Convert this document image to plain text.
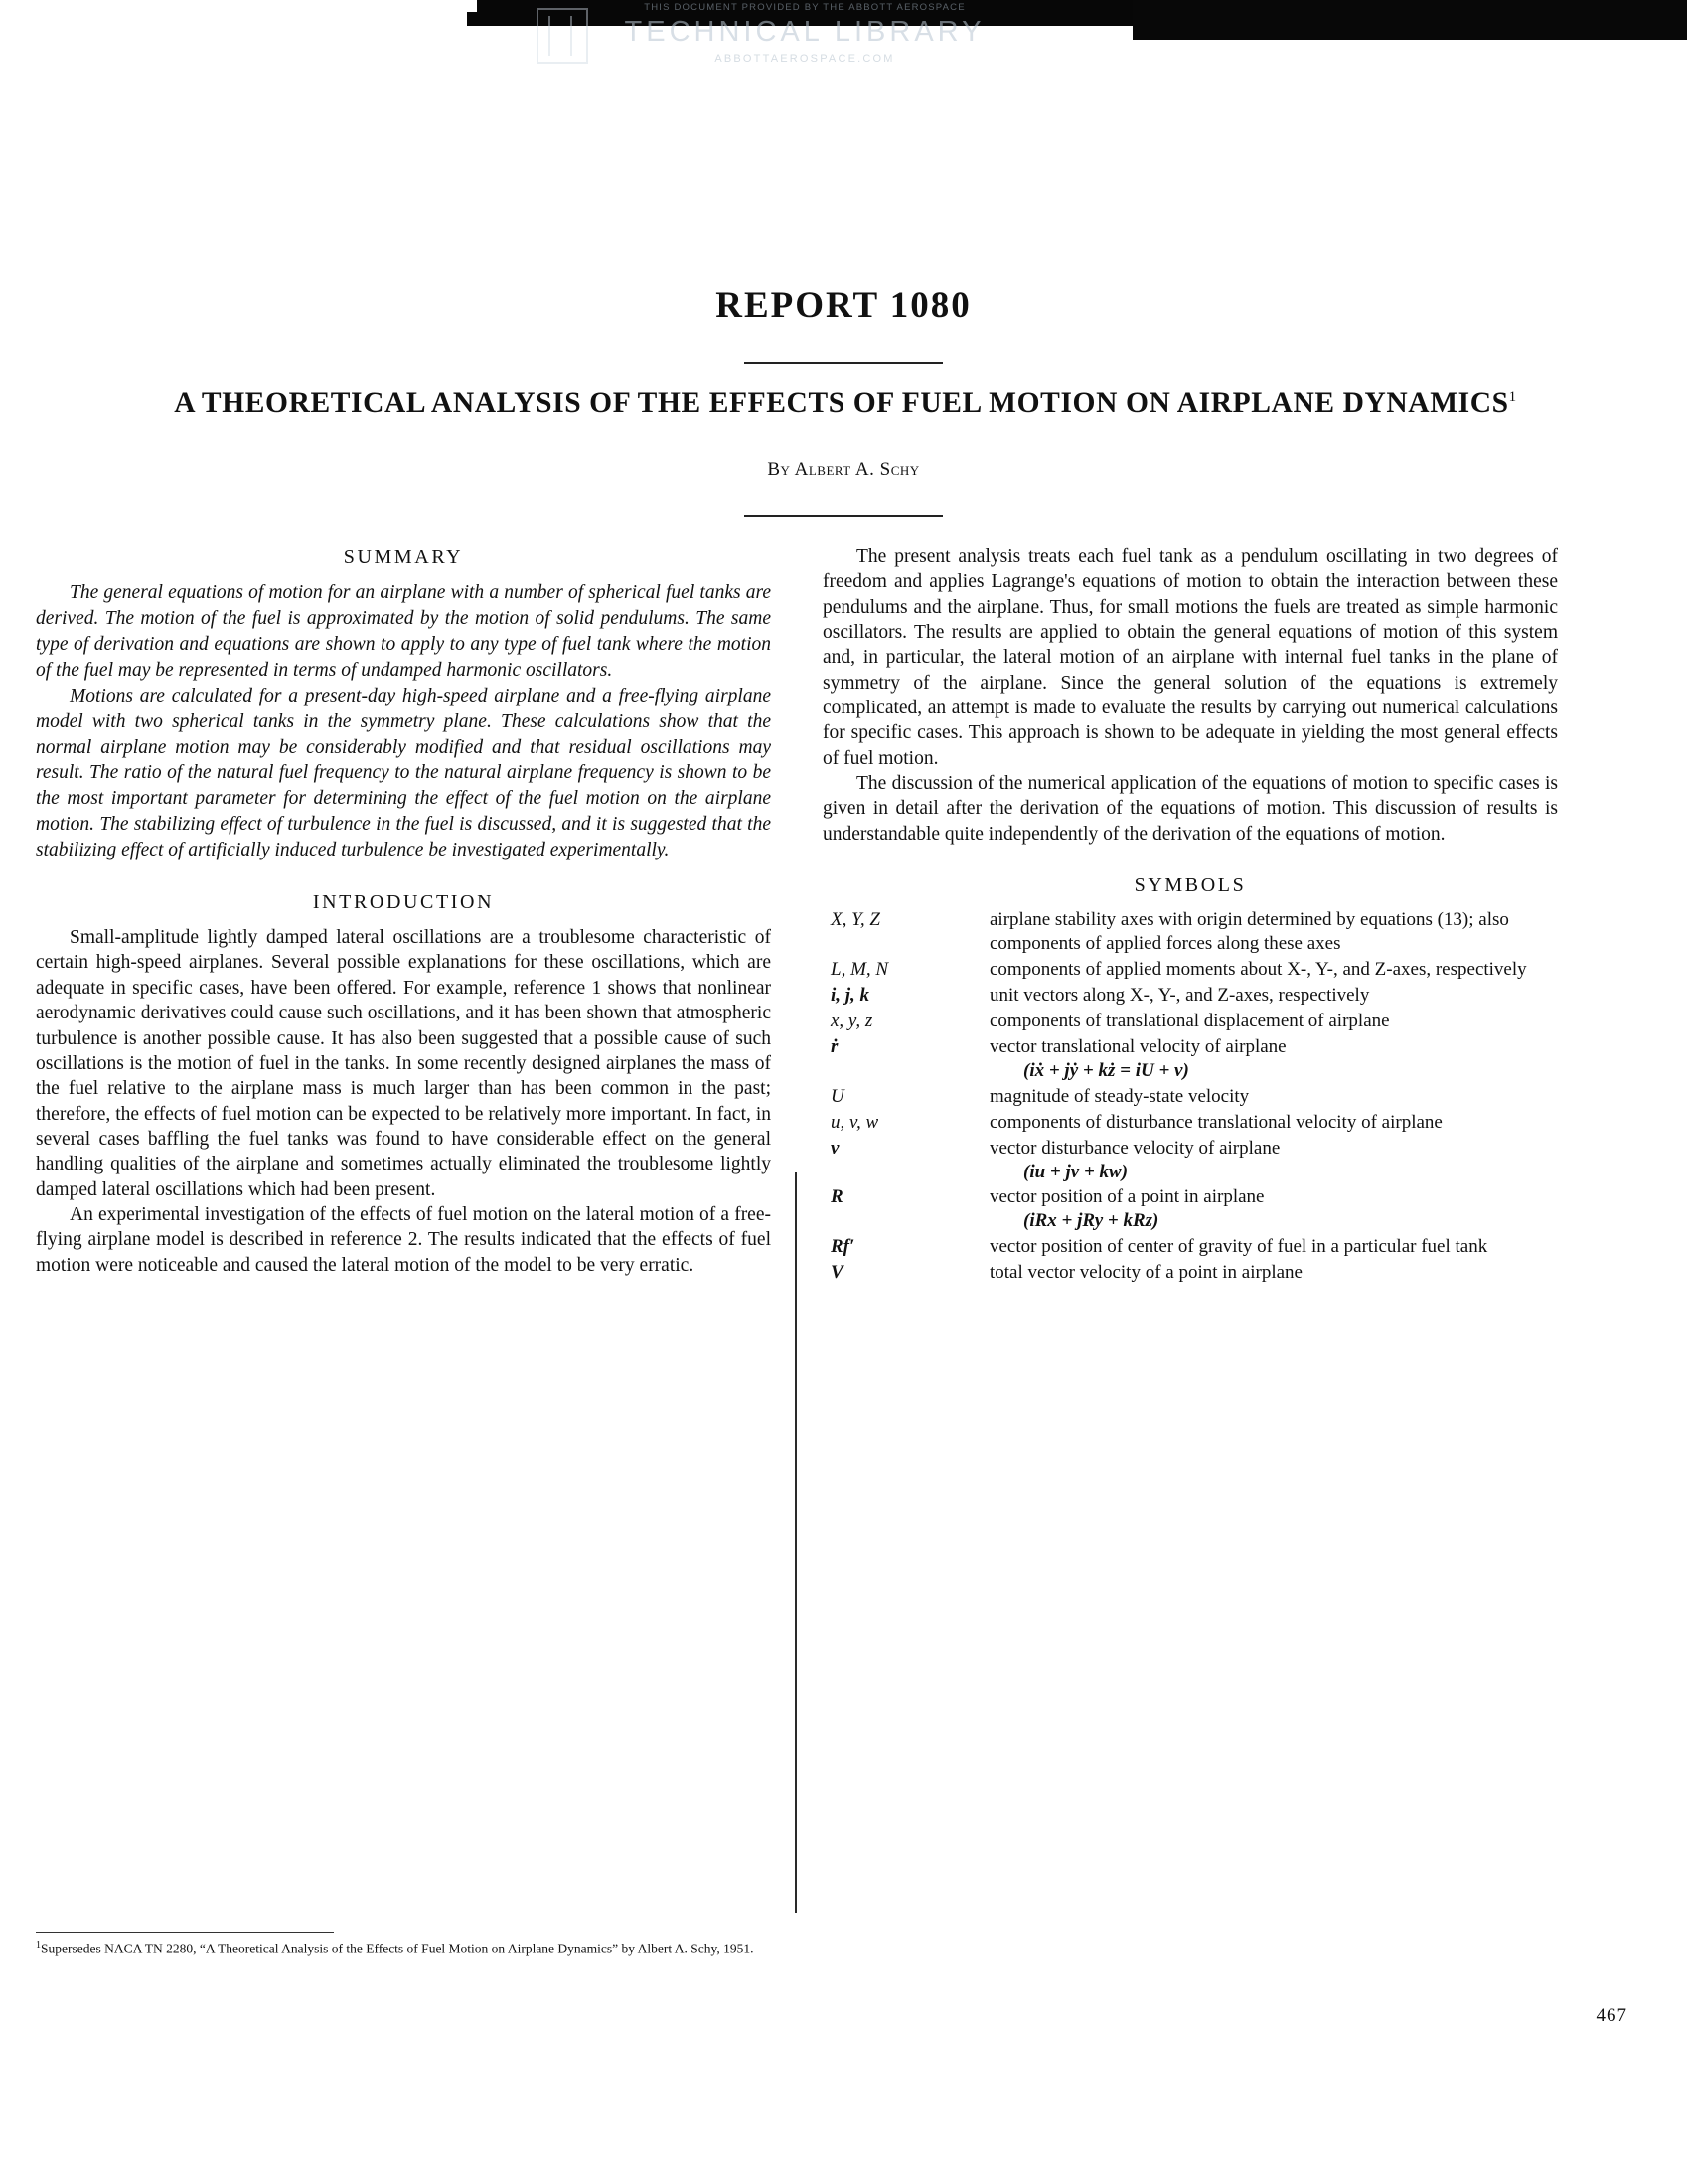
THIS DOCUMENT PROVIDED BY THE ABBOTT AEROSPACE
TECHNICAL LIBRARY
ABBOTTAEROSPACE.COM
REPORT 1080
A THEORETICAL ANALYSIS OF THE EFFECTS OF FUEL MOTION ON AIRPLANE DYNAMICS$^1$
By Albert A. Schy
SUMMARY

The general equations of motion for an airplane with a number of spherical fuel tanks are derived. The motion of the fuel is approximated by the motion of solid pendulums. The same type of derivation and equations are shown to apply to any type of fuel tank where the motion of the fuel may be represented in terms of undamped harmonic oscillators.

Motions are calculated for a present-day high-speed airplane and a free-flying airplane model with two spherical tanks in the symmetry plane. These calculations show that the normal airplane motion may be considerably modified and that residual oscillations may result. The ratio of the natural fuel frequency to the natural airplane frequency is shown to be the most important parameter for determining the effect of the fuel motion on the airplane motion. The stabilizing effect of turbulence in the fuel is discussed, and it is suggested that the stabilizing effect of artificially induced turbulence be investigated experimentally.

INTRODUCTION

Small-amplitude lightly damped lateral oscillations are a troublesome characteristic of certain high-speed airplanes. Several possible explanations for these oscillations, which are adequate in specific cases, have been offered. For example, reference 1 shows that nonlinear aerodynamic derivatives could cause such oscillations, and it has been shown that atmospheric turbulence is another possible cause. It has also been suggested that a possible cause of such oscillations is the motion of fuel in the tanks. In some recently designed airplanes the mass of the fuel relative to the airplane mass is much larger than has been common in the past; therefore, the effects of fuel motion can be expected to be relatively more important. In fact, in several cases baffling the fuel tanks was found to have considerable effect on the general handling qualities of the airplane and sometimes actually eliminated the troublesome lightly damped lateral oscillations which had been present.

An experimental investigation of the effects of fuel motion on the lateral motion of a free-flying airplane model is described in reference 2. The results indicated that the effects of fuel motion were noticeable and caused the lateral motion of the model to be very erratic.

The present analysis treats each fuel tank as a pendulum oscillating in two degrees of freedom and applies Lagrange's equations of motion to obtain the interaction between these pendulums and the airplane. Thus, for small motions the fuels are treated as simple harmonic oscillators. The results are applied to obtain the general equations of motion of this system and, in particular, the lateral motion of an airplane with internal fuel tanks in the plane of symmetry of the airplane. Since the general solution of the equations is extremely complicated, an attempt is made to evaluate the results by carrying out numerical calculations for specific cases. This approach is shown to be adequate in yielding the most general effects of fuel motion.

The discussion of the numerical application of the equations of motion to specific cases is given in detail after the derivation of the equations of motion. This discussion of results is understandable quite independently of the derivation of the equations of motion.

SYMBOLS
X, Y, Z	airplane stability axes with origin determined by equations (13); also components of applied forces along these axes
L, M, N	components of applied moments about X-, Y-, and Z-axes, respectively
i, j, k	unit vectors along X-, Y-, and Z-axes, respectively
x, y, z	components of translational displacement of airplane
ṙ	vector translational velocity of airplane
(iẋ + jẏ + kż = iU + v)
U	magnitude of steady-state velocity
u, v, w	components of disturbance translational velocity of airplane
v	vector disturbance velocity of airplane
(iu + jv + kw)
R	vector position of a point in airplane
(iRx + jRy + kRz)
Rf′	vector position of center of gravity of fuel in a particular fuel tank
V	total vector velocity of a point in airplane
$^1$Supersedes NACA TN 2280, “A Theoretical Analysis of the Effects of Fuel Motion on Airplane Dynamics” by Albert A. Schy, 1951.
467
